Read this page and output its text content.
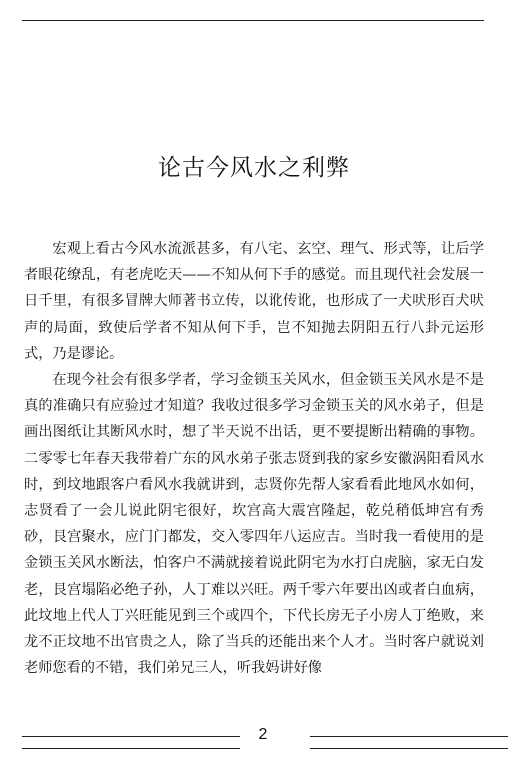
论古今风水之利弊

宏观上看古今风水流派甚多，有八宅、玄空、理气、形式等，让后学者眼花缭乱，有老虎吃天——不知从何下手的感觉。而且现代社会发展一日千里，有很多冒牌大师著书立传，以讹传讹，也形成了一犬吠形百犬吠声的局面，致使后学者不知从何下手，岂不知抛去阴阳五行八卦元运形式，乃是谬论。

在现今社会有很多学者，学习金锁玉关风水，但金锁玉关风水是不是真的准确只有应验过才知道？我收过很多学习金锁玉关的风水弟子，但是画出图纸让其断风水时，想了半天说不出话，更不要提断出精确的事物。二零零七年春天我带着广东的风水弟子张志贤到我的家乡安徽涡阳看风水时，到坟地跟客户看风水我就讲到，志贤你先帮人家看看此地风水如何，志贤看了一会儿说此阴宅很好，坎宫高大震宫隆起，乾兑稍低坤宫有秀砂，艮宫聚水，应门门都发，交入零四年八运应吉。当时我一看使用的是金锁玉关风水断法，怕客户不满就接着说此阴宅为水打白虎脑，家无白发老，艮宫塌陷必绝子孙，人丁难以兴旺。两千零六年要出凶或者白血病，此坟地上代人丁兴旺能见到三个或四个，下代长房无子小房人丁绝败，来龙不正坟地不出官贵之人，除了当兵的还能出来个人才。当时客户就说刘老师您看的不错，我们弟兄三人，听我妈讲好像

2
